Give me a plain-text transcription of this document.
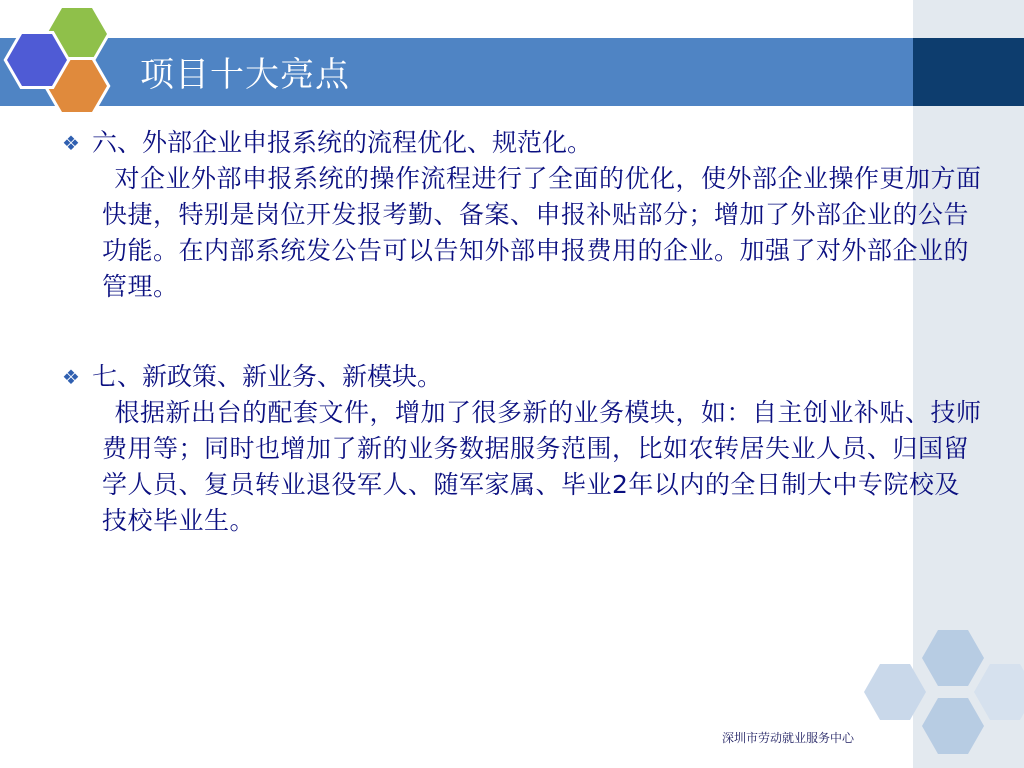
项目十大亮点
❖ 六、外部企业申报系统的流程优化、规范化。
对企业外部申报系统的操作流程进行了全面的优化，使外部企业操作更加方面快捷，特别是岗位开发报考勤、备案、申报补贴部分；增加了外部企业的公告功能。在内部系统发公告可以告知外部申报费用的企业。加强了对外部企业的管理。
❖ 七、新政策、新业务、新模块。
根据新出台的配套文件，增加了很多新的业务模块，如：自主创业补贴、技师费用等；同时也增加了新的业务数据服务范围，比如农转居失业人员、归国留学人员、复员转业退役军人、随军家属、毕业2年以内的全日制大中专院校及技校毕业生。
深圳市劳动就业服务中心
